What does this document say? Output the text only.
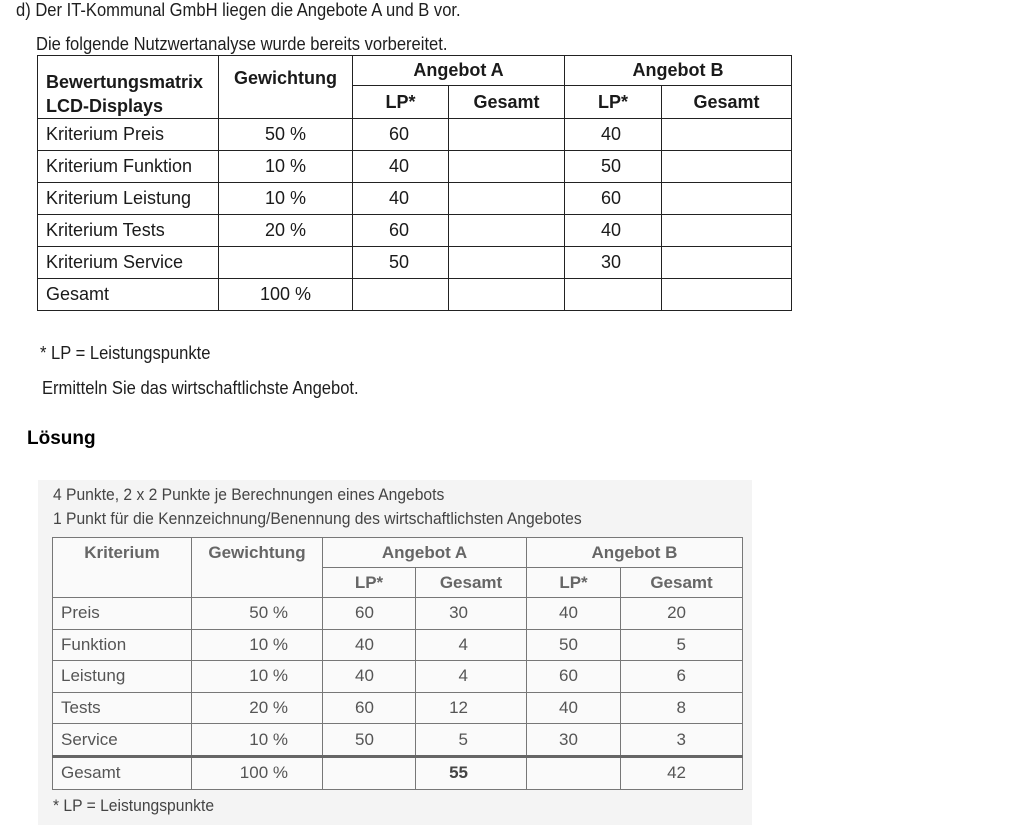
d) Der IT-Kommunal GmbH liegen die Angebote A und B vor.
Die folgende Nutzwertanalyse wurde bereits vorbereitet.
Bewertungsmatrix
LCD-Displays	Gewichtung	Angebot A		Angebot B	
		LP*	Gesamt	LP*	Gesamt
Kriterium Preis	50 %	60		40	
Kriterium Funktion	10 %	40		50	
Kriterium Leistung	10 %	40		60	
Kriterium Tests	20 %	60		40	
Kriterium Service		50		30	
Gesamt	100 %				
* LP = Leistungspunkte
Ermitteln Sie das wirtschaftlichste Angebot.
Lösung
4 Punkte, 2 x 2 Punkte je Berechnungen eines Angebots
1 Punkt für die Kennzeichnung/Benennung des wirtschaftlichsten Angebotes
Kriterium	Gewichtung	Angebot A		Angebot B	
		LP*	Gesamt	LP*	Gesamt
Preis	50 %	60	30	40	20
Funktion	10 %	40	4	50	5
Leistung	10 %	40	4	60	6
Tests	20 %	60	12	40	8
Service	10 %	50	5	30	3
Gesamt	100 %		55		42
* LP = Leistungspunkte
